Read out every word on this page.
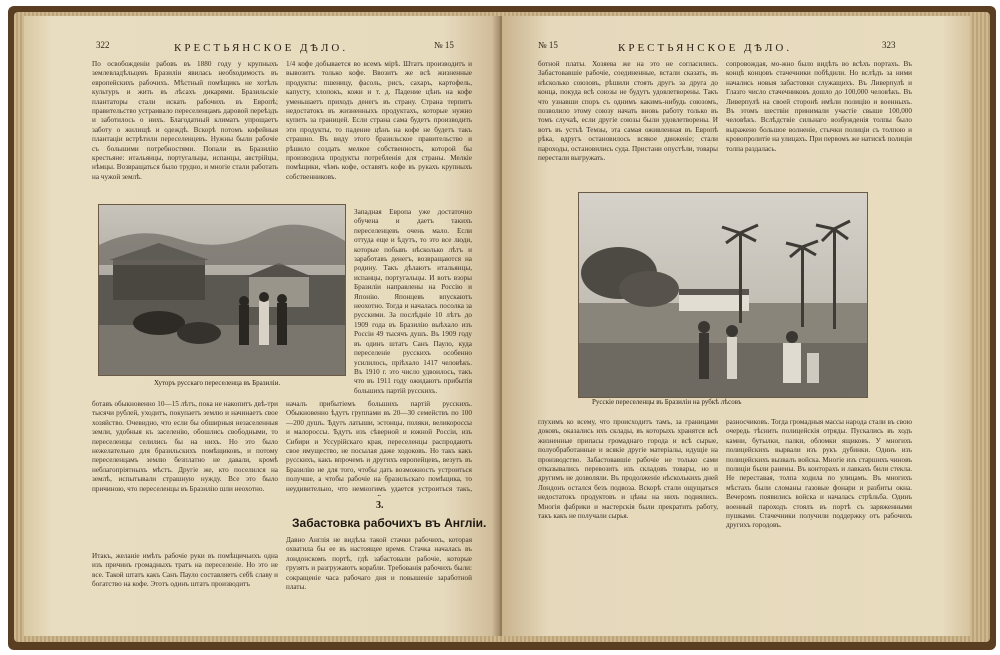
322	КРЕСТЬЯНСКОЕ ДѢЛО.	№ 15
По освобожденіи рабовъ въ 1880 году у крупныхъ землевладѣльцевъ Бразиліи явилась необходимость въ европейскихъ рабочихъ. Мѣстный помѣщикъ не хотѣлъ культуръ и жить въ лѣсахъ дикарями. Бразильскіе плантаторы стали искать рабочихъ въ Европѣ; правительство устраивало переселенцамъ даровой переѣздъ и заботилось о нихъ. Благодатный климатъ упрощаетъ заботу о жилищѣ и одеждѣ. Вскорѣ потомъ кофейныя плантаціи встрѣтили переселенцевъ. Нужны были рабочіе съ большими потребностями. Попали въ Бразилію крестьяне: итальянцы, португальцы, испанцы, австрійцы, нѣмцы. Возвращаться было трудно, и многіе стали работать на чужой землѣ.
1/4 кофе добывается во всемъ мірѣ. Штатъ производитъ и вывозитъ только кофе. Ввозитъ же всѣ жизненные продукты: пшеницу, фасоль, рисъ, сахаръ, картофель, капусту, хлопокъ, кожи и т. д. Падение цѣнъ на кофе уменьшаетъ приходъ денегъ въ страну. Страна терпитъ недостатокъ въ жизненныхъ продуктахъ, которые нужно купить за границей. Если страна сама будетъ производить эти продукты, то падение цѣнъ на кофе не будетъ такъ страшно. Въ виду этого бразильское правительство и рѣшило создать мелкое собственность, которой бы производила продукты потребленія для страны. Мелкіе помѣщики, чѣмъ кофе, оставятъ кофе въ рукахъ крупныхъ собственниковъ.
Хуторъ русскаго переселенца въ Бразиліи.
Западная Европа уже достаточно обучена и даетъ такихъ переселенцевъ очень мало. Если оттуда еще и ѣдутъ, то это все люди, которые побывъ нѣсколько лѣтъ и заработавъ денегъ, возвращаются на родину. Такъ дѣлаютъ итальянцы, испанцы, португальцы. И вотъ взоры Бразиліи направлены на Россію и Японію. Японцевъ впускаютъ неохотно. Тогда и началась посолка за русскими. За послѣдніе 10 лѣтъ до 1909 года въ Бразилію выѣхало изъ Россіи 49 тысячъ душъ. Въ 1909 году въ одинъ штатъ Санъ Пауло, куда переселеніе русскихъ особенно усилилось, пріѣхало 1417 человѣкъ. Въ 1910 г. это число удвоилось, такъ что въ 1911 году ожидаютъ прибытія большихъ партій русскихъ.
ботавъ обыкновенно 10—15 лѣтъ, пока не накопитъ двѣ-три тысячи рублей, уходитъ, покупаетъ землю и начинаетъ свое хозяйство. Очевидно, что если бы обширныя незаселенныя земли, удобныя къ заселенію, обошлись свободными, то переселенцы селились бы на нихъ. Но это было нежелательно для бразильскихъ помѣщиковъ, и потому переселенцамъ землю безплатно не давали, кромѣ неблагопріятныхъ мѣстъ. Другіе же, кто поселился на землѣ, испытывали страшную нужду. Все это было причиною, что переселенцы въ Бразилію шли неохотно.
Итакъ, желаніе имѣть рабочіе руки въ помѣщичьихъ одна изъ причинъ громадныхъ тратъ на переселеніе. Но это не все. Такой штатъ какъ Санъ Пауло составляетъ себѣ славу и богатство на кофе. Этотъ одинъ штатъ производитъ
началъ прибытіемъ большихъ партій русскихъ. Обыкновенно ѣдутъ группами въ 20—30 семействъ по 100—200 душъ. Ѣдутъ латыши, эстонцы, поляки, великороссы и малороссы. Ѣдутъ изъ сѣверной и южной Россіи, изъ Сибири и Уссурійскаго края, переселенцы распродаютъ свое имущество, не посылая даже ходоковъ. Но такъ какъ русскихъ, какъ впрочемъ и другихъ европейцевъ, везутъ въ Бразилію не для того, чтобы дать возможность устроиться получше, а чтобы рабочіе на бразильскаго помѣщика, то неудивительно, что немногимъ удается устроиться такъ,
3.
Забастовка рабочихъ въ Англіи.
Давно Англія не видѣла такой стачки рабочихъ, которая охватила бы ее въ настоящее время. Стачка началась въ лондонскомъ портѣ, гдѣ забастовали рабочіе, которые грузятъ и разгружаютъ корабли. Требованія рабочихъ были: сокращеніе часа рабочаго дня и повышеніе заработной платы.
№ 15	КРЕСТЬЯНСКОЕ ДѢЛО.	323
ботной платы. Хозяева же на это не согласились. Забастовавшіе рабочіе, соединенные, встали сказать, въ нѣсколько союзовъ, рѣшили стоять другъ за друга до конца, покуда всѣ союзы не будутъ удовлетворены. Такъ что узнавши споръ съ однимъ какимъ-нибудь союзомъ, позволило этому союзу начать вновь работу только въ томъ случаѣ, если другіе союзы были удовлетворены. И вотъ въ устьѣ Темзы, эта самая оживленная въ Европѣ рѣка, вдругъ остановилось всякое движеніе; стали пароходы, остановились суда. Пристани опустѣли, товары перестали выгружать.
сопровождая, мо-жно было видѣть во всѣхъ портахъ. Въ концѣ концовъ стачечники побѣдили. Но вслѣдъ за ними начались новыя забастовки служащихъ. Въ Ливерпулѣ и Глазго число стачечниковъ дошло до 100,000 человѣкъ. Въ Ливерпулѣ на своей сторонѣ имѣли полицію и военныхъ. Въ этомъ шествіи принимали участіе свыше 100,000 человѣкъ. Вслѣдствіе сильнаго возбужденія толпы было выражено большое волненіе, стычки полиціи съ толпою и кровопролитіе на улицахъ. При первомъ же натискѣ полиціи толпа раздалась.
Русскіе переселенцы въ Бразиліи на рубкѣ лѣсовъ
глухимъ ко всему, что происходитъ тамъ, за границами доковъ, оказались ихъ склады, въ которыхъ хранятся всѣ жизненные припасы громаднаго города и всѣ сырые, полуобработанные и всякіе другіе матеріалы, идущіе на производство. Забастовавшіе рабочіе не только сами отказывались перевозить изъ складовъ товары, но и другимъ не дозволяли. Въ продолженіе нѣсколькихъ дней Лондонъ остался безъ подвоза. Вскорѣ стали ощущаться недостатокъ продуктовъ и цѣны на нихъ поднялись. Многія фабрики и мастерскія были прекратить работу, такъ какъ не получали сырья.
разносчиковъ. Тогда громадныя массы народа стали въ свою очередь тѣснить полицейскія отряды. Пускались въ ходъ камни, бутылки, палки, обломки ящиковъ. У многихъ полицейскихъ вырвали изъ рукъ дубинки. Одинъ изъ полицейскихъ вызвалъ войска. Многіе изъ старшихъ чиновъ полиціи были ранены. Въ конторахъ и лавкахъ били стекла. Не переставая, толпа ходила по улицамъ. Въ многихъ мѣстахъ были сломаны газовые фонари и разбиты окна. Вечеромъ появились войска и началась стрѣльба. Одинъ военный пароходъ стоялъ въ портѣ съ заряженными пушками. Стачечники получили поддержку отъ рабочихъ другихъ городовъ.
